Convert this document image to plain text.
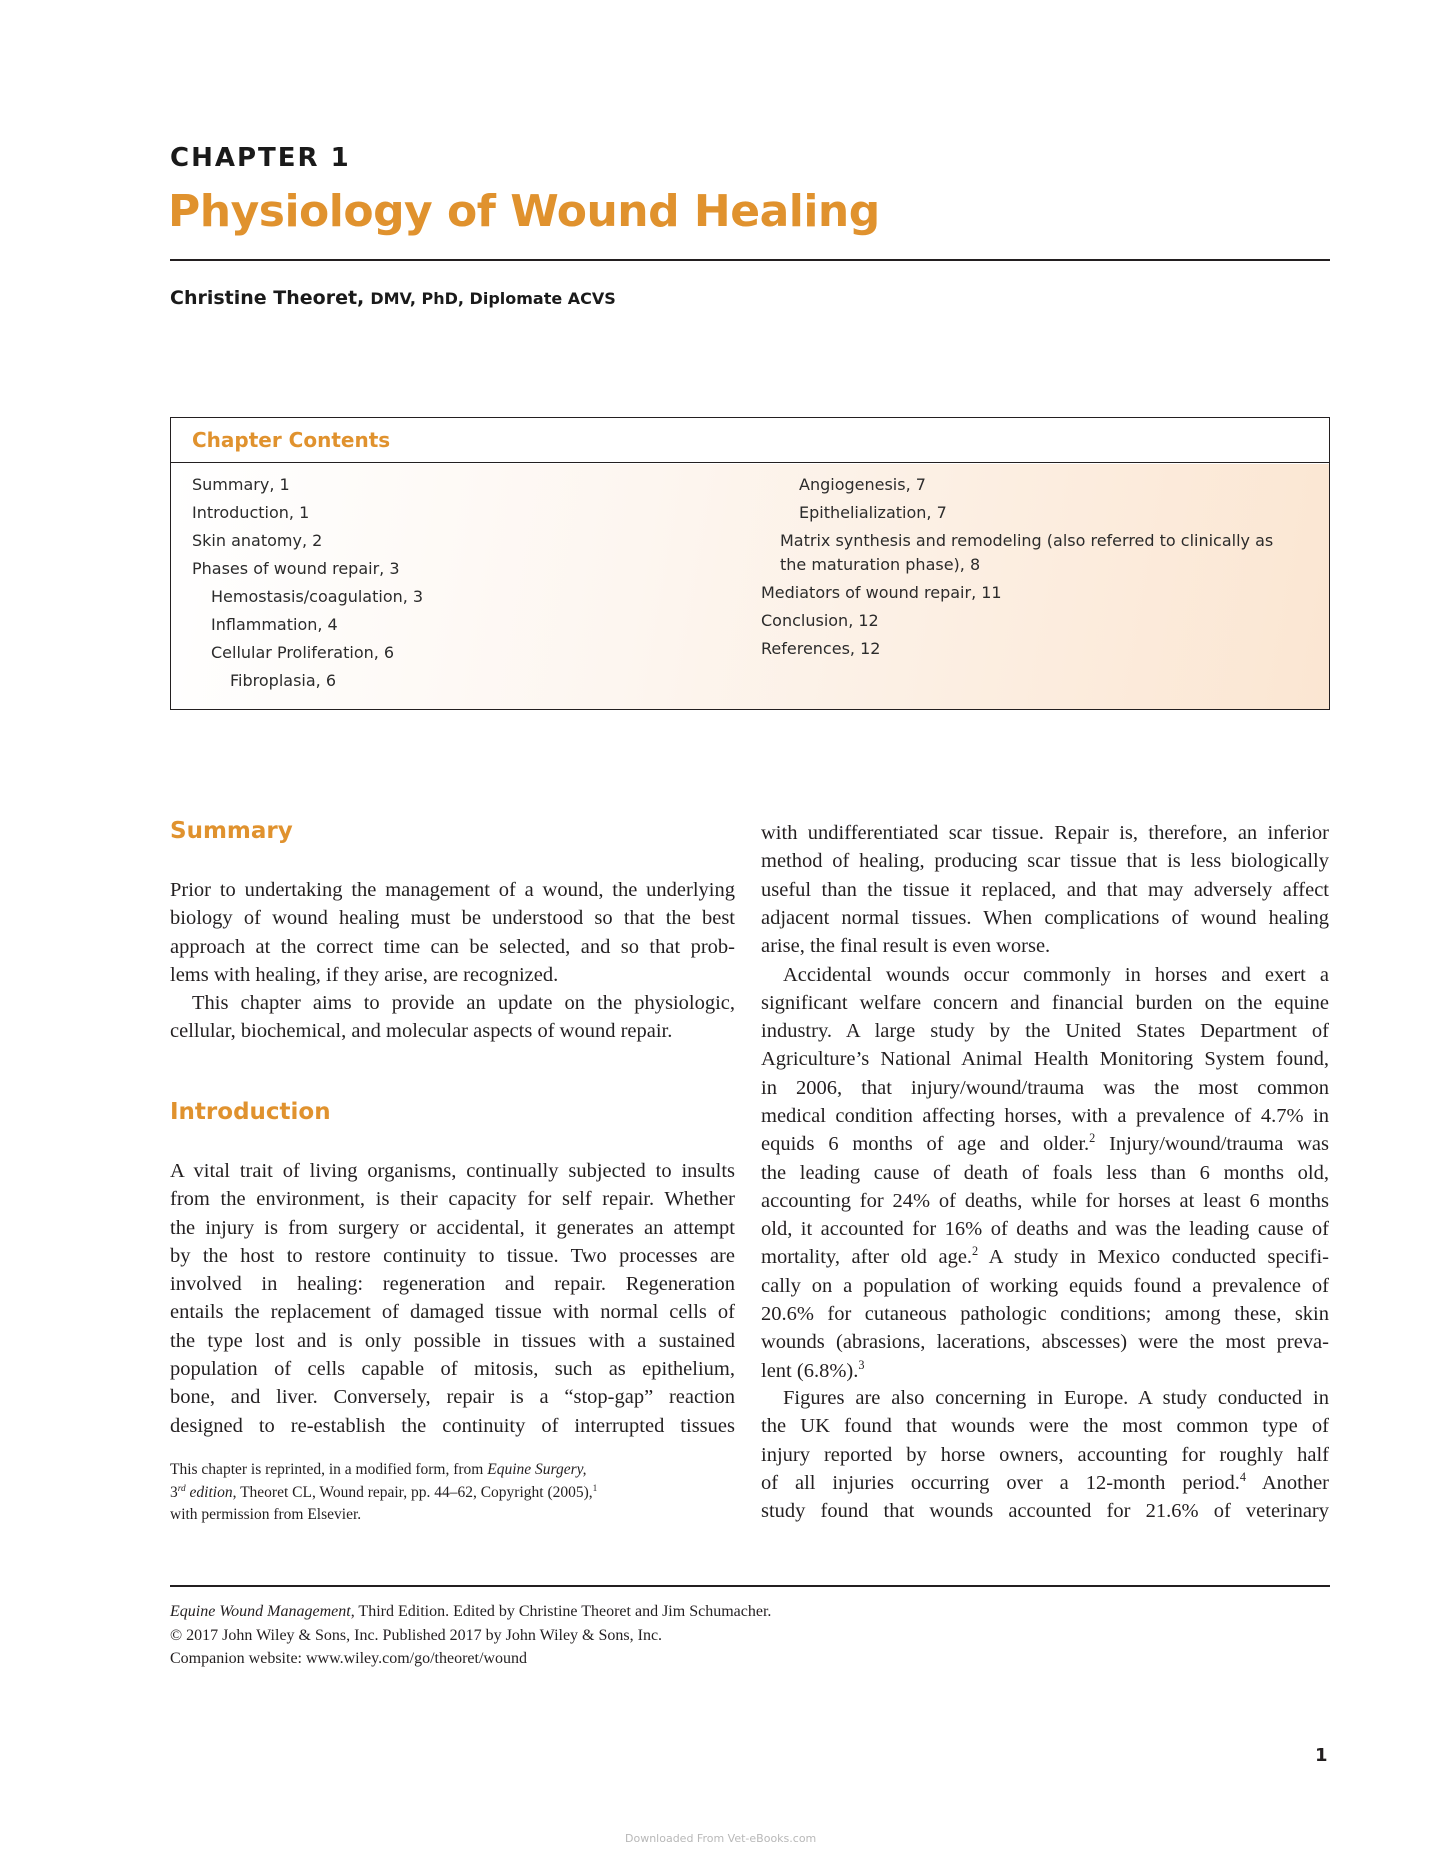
CHAPTER 1
Physiology of Wound Healing
Christine Theoret, DMV, PhD, Diplomate ACVS
Chapter Contents
Summary, 1
Introduction, 1
Skin anatomy, 2
Phases of wound repair, 3
Hemostasis/coagulation, 3
Inflammation, 4
Cellular Proliferation, 6
Fibroplasia, 6
Angiogenesis, 7
Epithelialization, 7
Matrix synthesis and remodeling (also referred to clinically as
the maturation phase), 8
Mediators of wound repair, 11
Conclusion, 12
References, 12
Summary
Prior to undertaking the management of a wound, the underlying
biology of wound healing must be understood so that the best
approach at the correct time can be selected, and so that prob-
lems with healing, if they arise, are recognized.
This chapter aims to provide an update on the physiologic,
cellular, biochemical, and molecular aspects of wound repair.
Introduction
A vital trait of living organisms, continually subjected to insults
from the environment, is their capacity for self repair. Whether
the injury is from surgery or accidental, it generates an attempt
by the host to restore continuity to tissue. Two processes are
involved in healing: regeneration and repair. Regeneration
entails the replacement of damaged tissue with normal cells of
the type lost and is only possible in tissues with a sustained
population of cells capable of mitosis, such as epithelium,
bone, and liver. Conversely, repair is a “stop-gap” reaction
designed to re-establish the continuity of interrupted tissues
This chapter is reprinted, in a modified form, from Equine Surgery,
3rd edition, Theoret CL, Wound repair, pp. 44–62, Copyright (2005),$^1$
with permission from Elsevier.
with undifferentiated scar tissue. Repair is, therefore, an inferior
method of healing, producing scar tissue that is less biologically
useful than the tissue it replaced, and that may adversely affect
adjacent normal tissues. When complications of wound healing
arise, the final result is even worse.
Accidental wounds occur commonly in horses and exert a
significant welfare concern and financial burden on the equine
industry. A large study by the United States Department of
Agriculture’s National Animal Health Monitoring System found,
in 2006, that injury/wound/trauma was the most common
medical condition affecting horses, with a prevalence of 4.7% in
equids 6 months of age and older.$^2$ Injury/wound/trauma was
the leading cause of death of foals less than 6 months old,
accounting for 24% of deaths, while for horses at least 6 months
old, it accounted for 16% of deaths and was the leading cause of
mortality, after old age.$^2$ A study in Mexico conducted specifi-
cally on a population of working equids found a prevalence of
20.6% for cutaneous pathologic conditions; among these, skin
wounds (abrasions, lacerations, abscesses) were the most preva-
lent (6.8%).$^3$
Figures are also concerning in Europe. A study conducted in
the UK found that wounds were the most common type of
injury reported by horse owners, accounting for roughly half
of all injuries occurring over a 12-month period.$^4$ Another
study found that wounds accounted for 21.6% of veterinary
Equine Wound Management, Third Edition. Edited by Christine Theoret and Jim Schumacher.
© 2017 John Wiley & Sons, Inc. Published 2017 by John Wiley & Sons, Inc.
Companion website: www.wiley.com/go/theoret/wound
1
Downloaded From Vet-eBooks.com
